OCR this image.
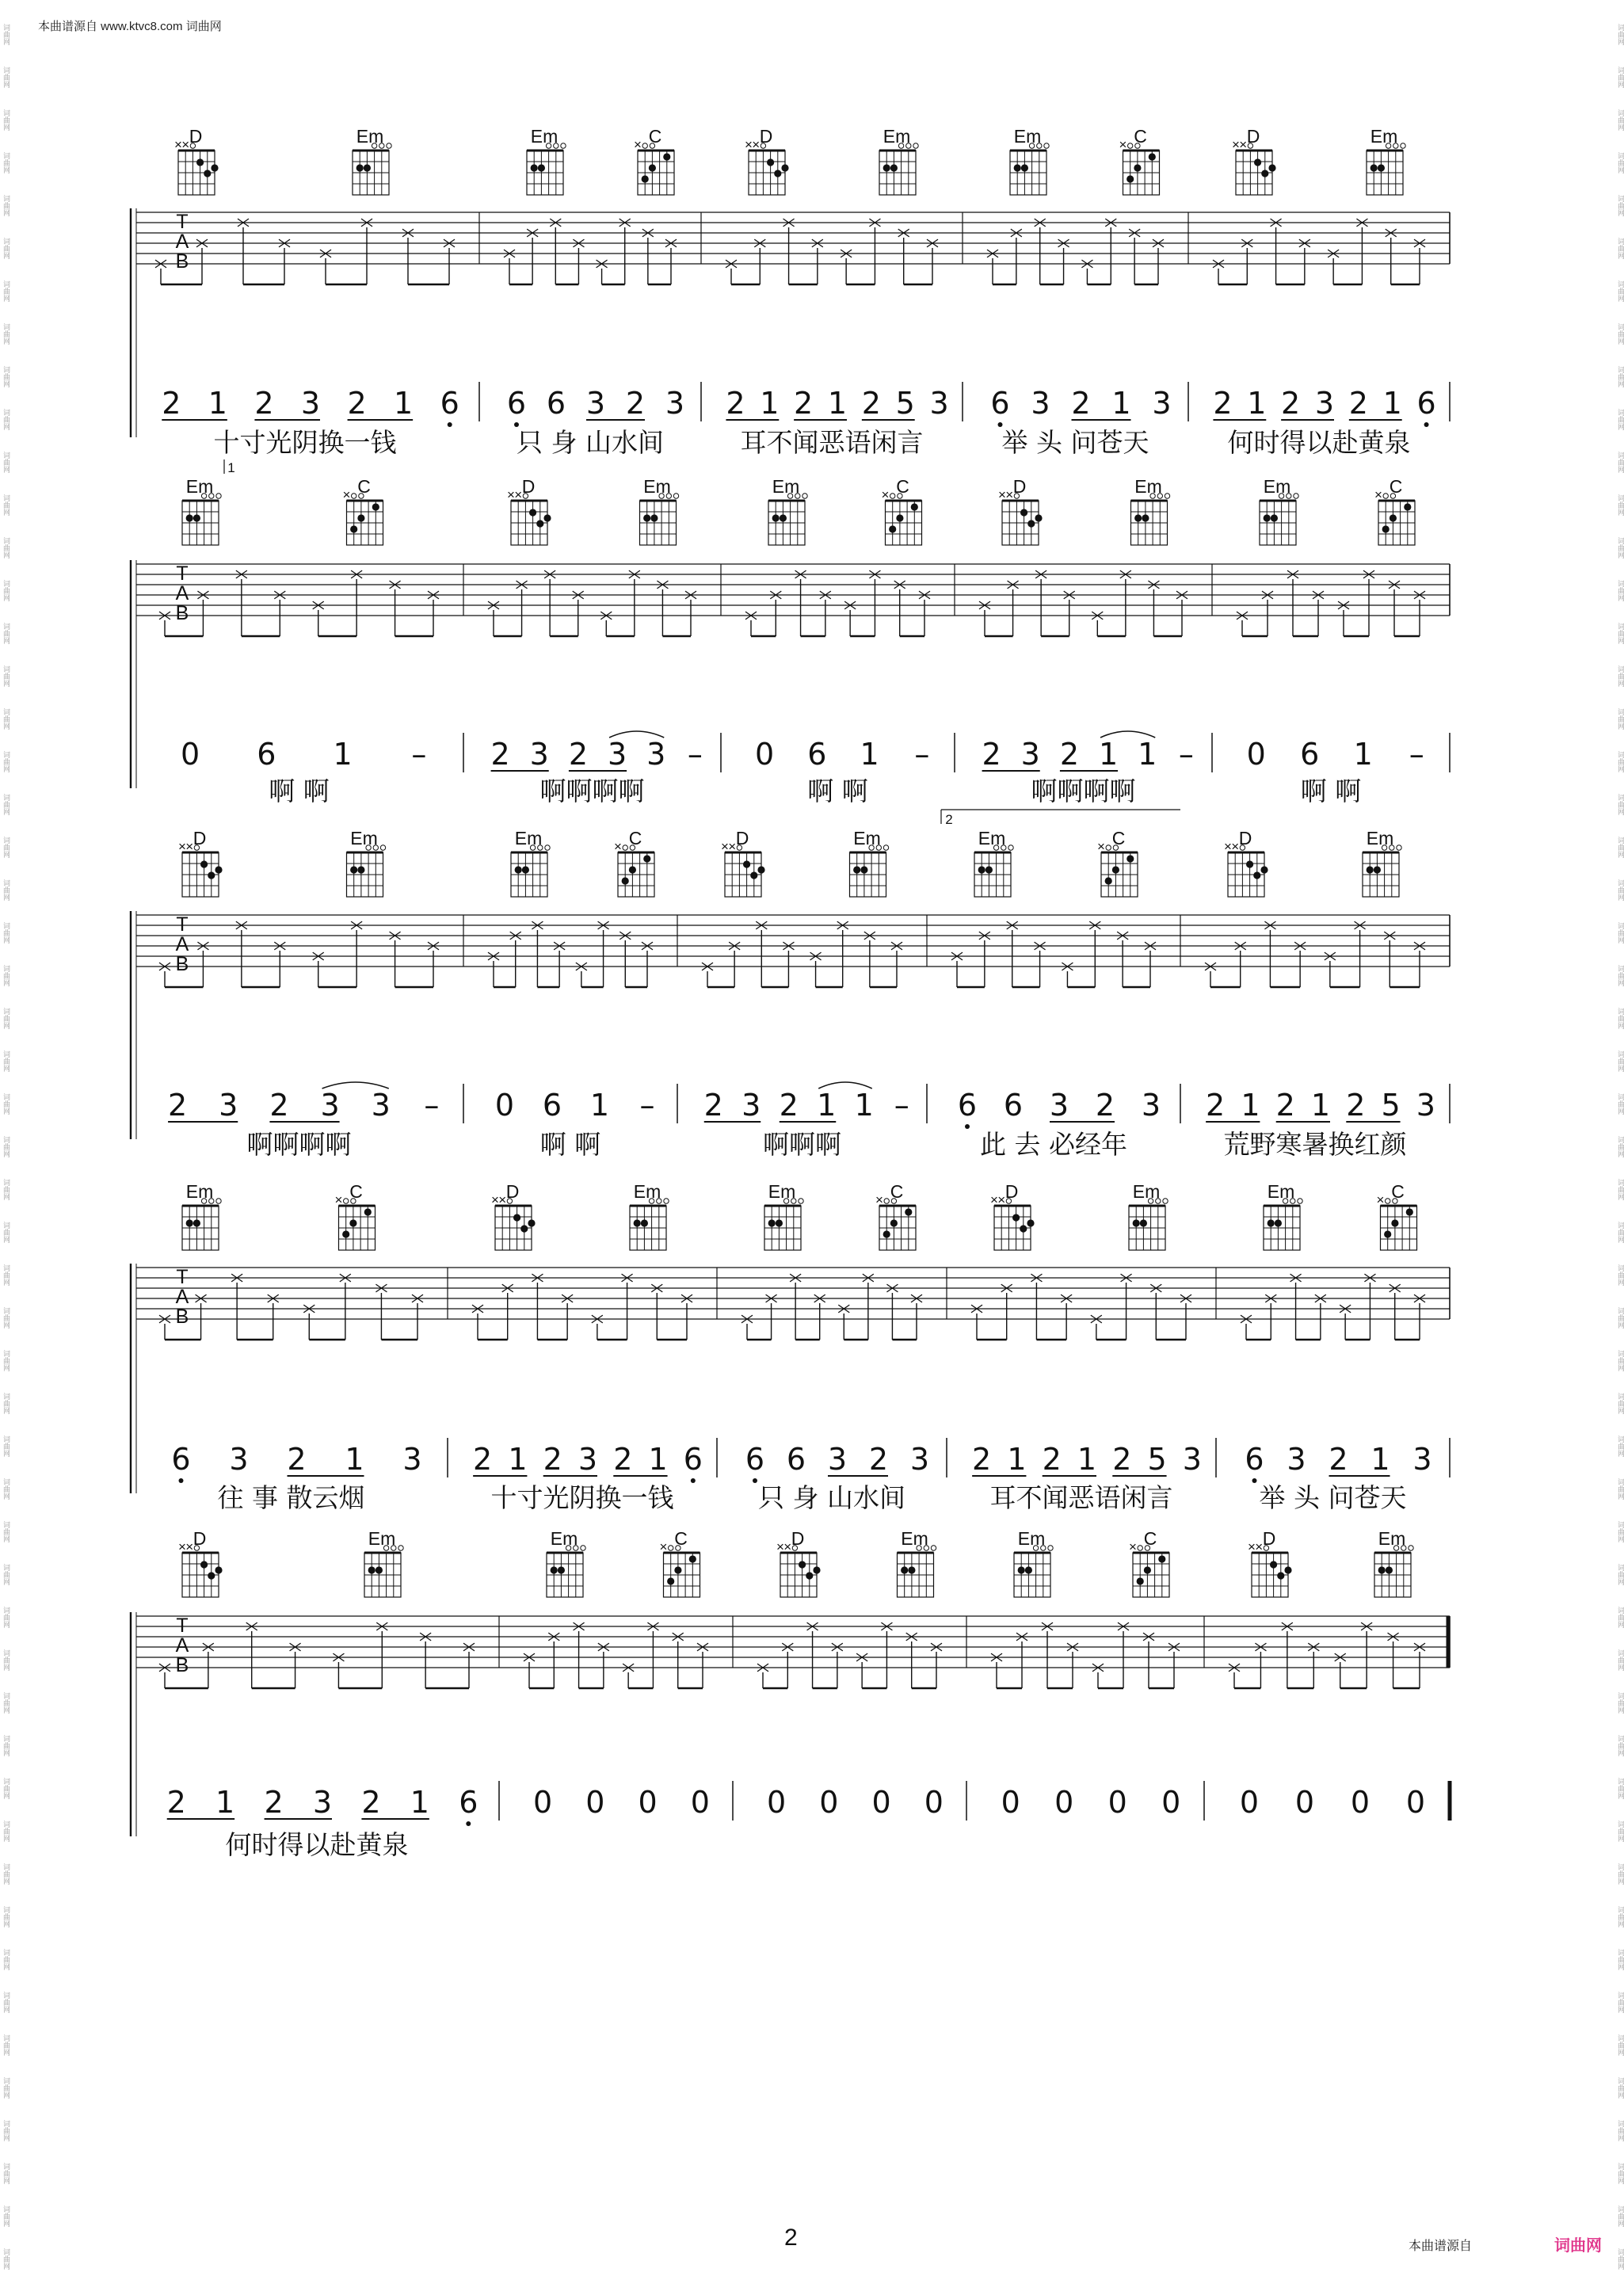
本曲谱源自 www.ktvc8.com 词曲网
词曲网
词曲网
词曲网
词曲网
词曲网
词曲网
词曲网
词曲网
词曲网
词曲网
词曲网
词曲网
词曲网
词曲网
词曲网
词曲网
词曲网
词曲网
词曲网
词曲网
词曲网
词曲网
词曲网
词曲网
词曲网
词曲网
词曲网
词曲网
词曲网
词曲网
词曲网
词曲网
词曲网
词曲网
词曲网
词曲网
词曲网
词曲网
词曲网
词曲网
词曲网
词曲网
词曲网
词曲网
词曲网
词曲网
词曲网
词曲网
词曲网
词曲网
词曲网
词曲网
词曲网
词曲网
词曲网
词曲网
词曲网
词曲网
词曲网
词曲网
词曲网
词曲网
词曲网
词曲网
词曲网
词曲网
词曲网
词曲网
词曲网
词曲网
词曲网
词曲网
词曲网
词曲网
词曲网
词曲网
词曲网
词曲网
词曲网
词曲网
词曲网
词曲网
词曲网
词曲网
词曲网
词曲网
词曲网
词曲网
词曲网
词曲网
词曲网
词曲网
词曲网
词曲网
词曲网
词曲网
词曲网
词曲网
词曲网
词曲网
词曲网
词曲网
词曲网
词曲网
词曲网
词曲网
T
A
B
D
× ×	Em	Em	C
×	D
× ×	Em	Em	C
×	D
× ×	Em
2 1 2 3 2 1 6
十寸光阴换一钱
6 6 3 2 3
只 身 山水间
2 1 2 1 2 5 3
耳不闻恶语闲言
6 3 2 1 3
举 头 问苍天
2 1 2 3 2 1 6
何时得以赴黄泉
T
A
B
Em	C
×	D
× ×	Em	Em	C
×	D
× ×	Em	Em	C
×
0 6 1 –
啊 啊
2 3 2 3 3 –
啊啊啊啊
0 6 1 –
啊 啊
2 3 2 1 1 –
啊啊啊啊
0 6 1 –
啊 啊
T
A
B
D
× ×	Em	Em	C
×	D
× ×	Em	Em	C
×	D
× ×	Em
2 3 2 3 3 –
啊啊啊啊
0 6 1 –
啊 啊
2 3 2 1 1 –
啊啊啊
6 6 3 2 3
此 去 必经年
2 1 2 1 2 5 3
荒野寒暑换红颜
T
A
B
Em	C
×	D
× ×	Em	Em	C
×	D
× ×	Em	Em	C
×
6 3 2 1 3
往 事 散云烟
2 1 2 3 2 1 6
十寸光阴换一钱
6 6 3 2 3
只 身 山水间
2 1 2 1 2 5 3
耳不闻恶语闲言
6 3 2 1 3
举 头 问苍天
T
A
B
D
× ×	Em	Em	C
×	D
× ×	Em	Em	C
×	D
× ×	Em
2 1 2 3 2 1 6
何时得以赴黄泉
0 0 0 0 0 0 0 0 0 0 0 0 0 0 0 0
1
2
2	本曲谱源自	词曲网
